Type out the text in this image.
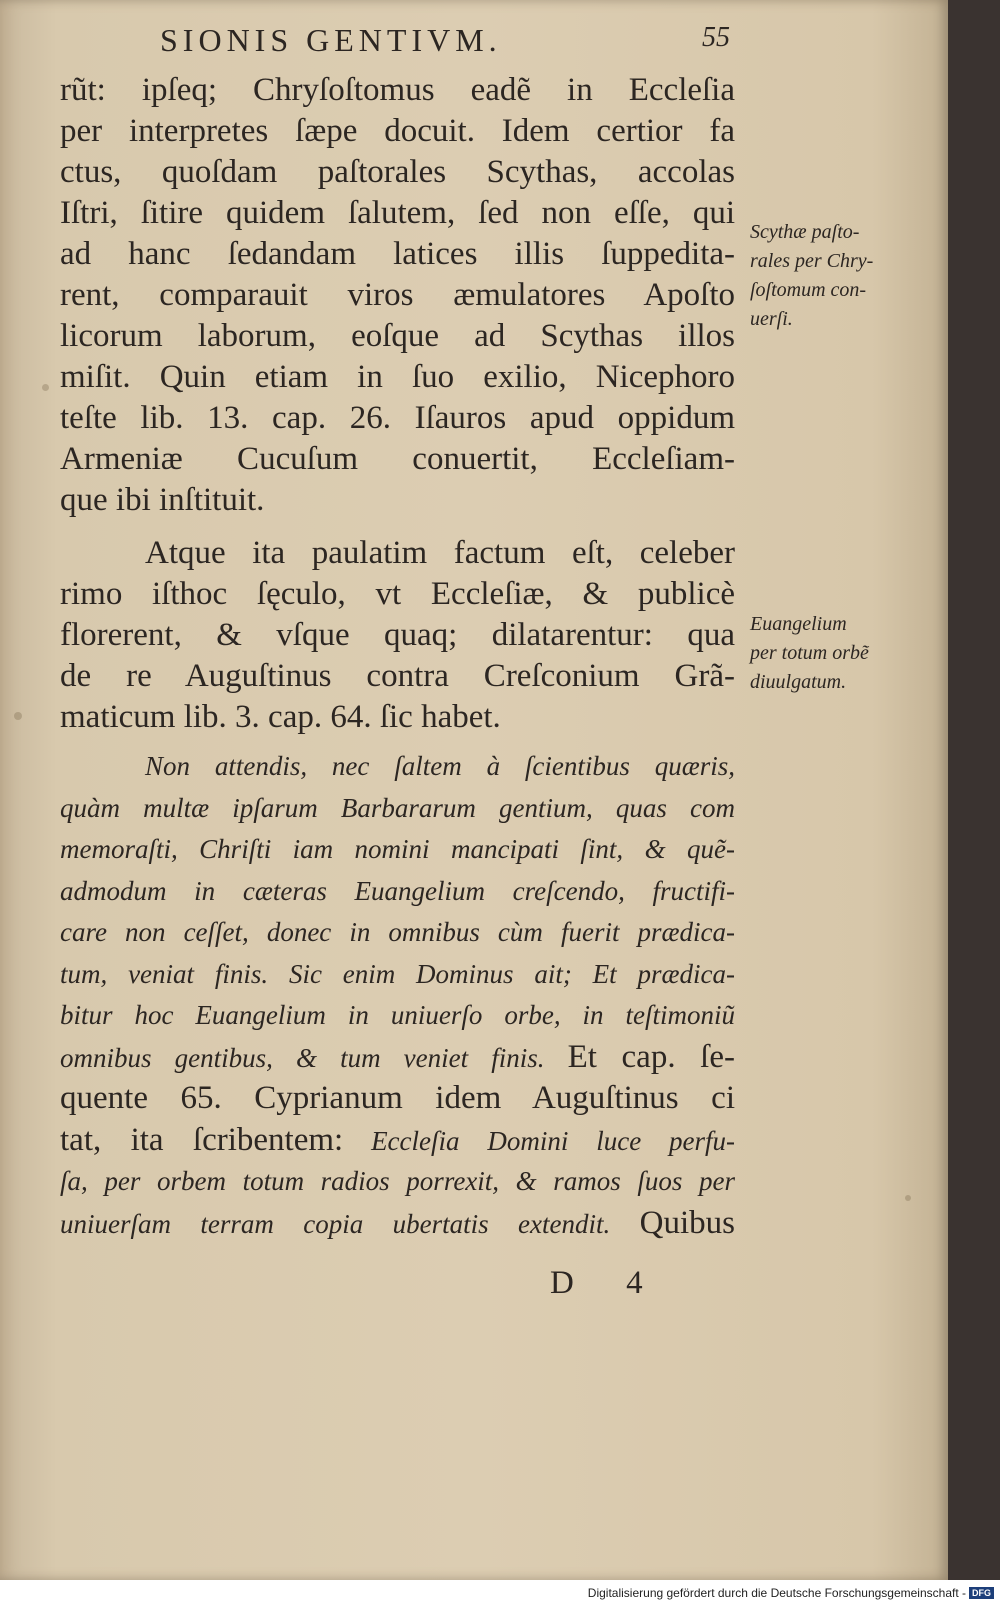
SIONIS GENTIVM.	55
rũt: ipſeq; Chryſoſtomus eadẽ in Eccleſia
per interpretes ſæpe docuit. Idem certior fa
ctus, quoſdam paſtorales Scythas, accolas
Iſtri, ſitire quidem ſalutem, ſed non eſſe, qui
ad hanc ſedandam latices illis ſuppedita-
rent, comparauit viros æmulatores Apoſto
licorum laborum, eoſque ad Scythas illos
miſit. Quin etiam in ſuo exilio, Nicephoro
teſte lib. 13. cap. 26. Iſauros apud oppidum
Armeniæ Cucuſum conuertit, Eccleſiam-
que ibi inſtituit.
Atque ita paulatim factum eſt, celeber
rimo iſthoc ſęculo, vt Eccleſiæ, & publicè
florerent, & vſque quaq; dilatarentur: qua
de re Auguſtinus contra Creſconium Grã-
maticum lib. 3. cap. 64. ſic habet.
Non attendis, nec ſaltem à ſcientibus quæris,
quàm multæ ipſarum Barbararum gentium, quas com
memoraſti, Chriſti iam nomini mancipati ſint, & quẽ-
admodum in cæteras Euangelium creſcendo, fructifi-
care non ceſſet, donec in omnibus cùm fuerit prædica-
tum, veniat finis. Sic enim Dominus ait; Et prædica-
bitur hoc Euangelium in uniuerſo orbe, in teſtimoniũ
omnibus gentibus, & tum veniet finis. Et cap. ſe-
quente 65. Cyprianum idem Auguſtinus ci
tat, ita ſcribentem: Eccleſia Domini luce perfu-
ſa, per orbem totum radios porrexit, & ramos ſuos per
uniuerſam terram copia ubertatis extendit. Quibus
Scythæ paſto-
rales per Chry-
ſoſtomum con-
uerſi.
Euangelium
per totum orbẽ
diuulgatum.
D 4
Digitalisierung gefördert durch die Deutsche Forschungsgemeinschaft - DFG
